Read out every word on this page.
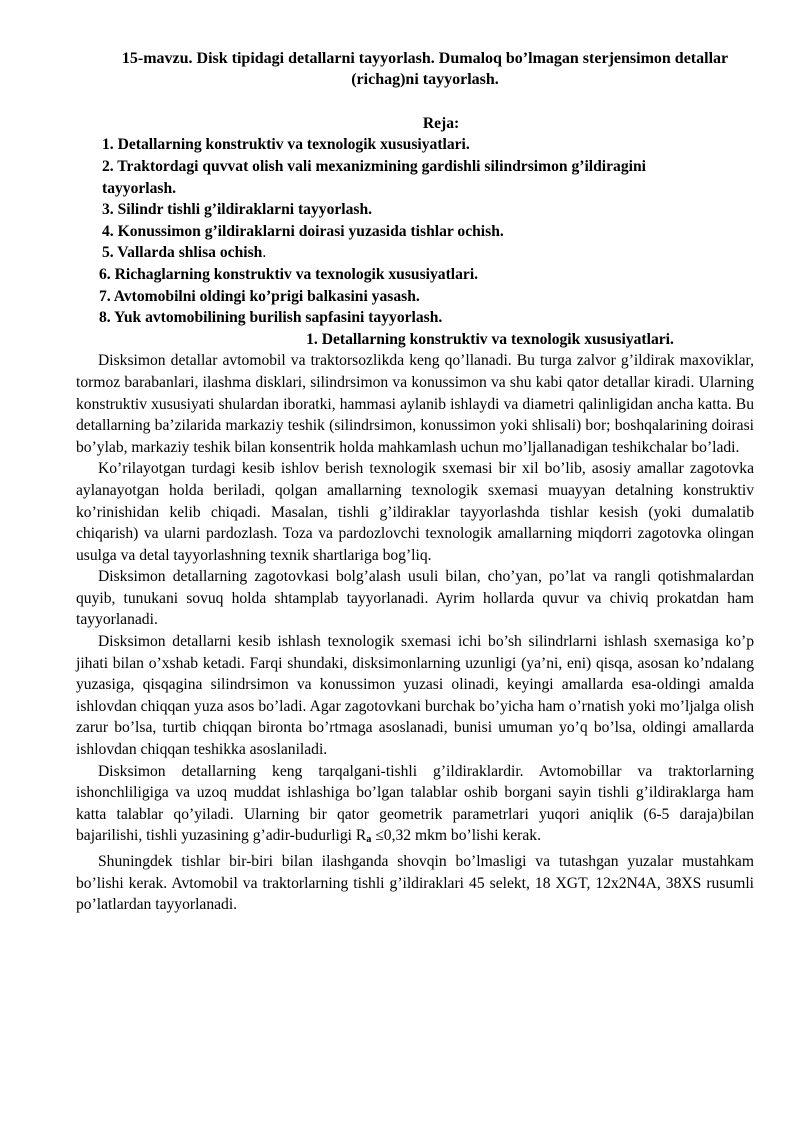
15-mavzu. Disk tipidagi detallarni tayyorlash. Dumaloq bo’lmagan sterjensimon detallar (richag)ni tayyorlash.
Reja:
1. Detallarning konstruktiv va texnologik xususiyatlari.
2. Traktordagi quvvat olish vali mexanizmining gardishli silindrsimon g’ildiragini tayyorlash.
3. Silindr tishli g’ildiraklarni tayyorlash.
4. Konussimon g’ildiraklarni doirasi yuzasida tishlar ochish.
5. Vallarda shlisa ochish.
6. Richaglarning konstruktiv va texnologik xususiyatlari.
7. Avtomobilni oldingi ko’prigi balkasini yasash.
8. Yuk avtomobilining burilish sapfasini tayyorlash.
1. Detallarning konstruktiv va texnologik xususiyatlari.

Disksimon detallar avtomobil va traktorsozlikda keng qo’llanadi. Bu turga zalvor g’ildirak maxoviklar, tormoz barabanlari, ilashma disklari, silindrsimon va konussimon va shu kabi qator detallar kiradi. Ularning konstruktiv xususiyati shulardan iboratki, hammasi aylanib ishlaydi va diametri qalinligidan ancha katta. Bu detallarning ba’zilarida markaziy teshik (silindrsimon, konussimon yoki shlisali) bor; boshqalarining doirasi bo’ylab, markaziy teshik bilan konsentrik holda mahkamlash uchun mo’ljallanadigan teshikchalar bo’ladi.

Ko’rilayotgan turdagi kesib ishlov berish texnologik sxemasi bir xil bo’lib, asosiy amallar zagotovka aylanayotgan holda beriladi, qolgan amallarning texnologik sxemasi muayyan detalning konstruktiv ko’rinishidan kelib chiqadi. Masalan, tishli g’ildiraklar tayyorlashda tishlar kesish (yoki dumalatib chiqarish) va ularni pardozlash. Toza va pardozlovchi texnologik amallarning miqdorri zagotovka olingan usulga va detal tayyorlashning texnik shartlariga bog’liq.

Disksimon detallarning zagotovkasi bolg’alash usuli bilan, cho’yan, po’lat va rangli qotishmalardan quyib, tunukani sovuq holda shtamplab tayyorlanadi. Ayrim hollarda quvur va chiviq prokatdan ham tayyorlanadi.

Disksimon detallarni kesib ishlash texnologik sxemasi ichi bo’sh silindrlarni ishlash sxemasiga ko’p jihati bilan o’xshab ketadi. Farqi shundaki, disksimonlarning uzunligi (ya’ni, eni) qisqa, asosan ko’ndalang yuzasiga, qisqagina silindrsimon va konussimon yuzasi olinadi, keyingi amallarda esa-oldingi amalda ishlovdan chiqqan yuza asos bo’ladi. Agar zagotovkani burchak bo’yicha ham o’rnatish yoki mo’ljalga olish zarur bo’lsa, turtib chiqqan bironta bo’rtmaga asoslanadi, bunisi umuman yo’q bo’lsa, oldingi amallarda ishlovdan chiqqan teshikka asoslaniladi.

Disksimon detallarning keng tarqalgani-tishli g’ildiraklardir. Avtomobillar va traktorlarning ishonchliligiga va uzoq muddat ishlashiga bo’lgan talablar oshib borgani sayin tishli g’ildiraklarga ham katta talablar qo’yiladi. Ularning bir qator geometrik parametrlari yuqori aniqlik (6-5 daraja)bilan bajarilishi, tishli yuzasining g’adir-budurligi $R_a \le 0,32$ mkm bo’lishi kerak.

Shuningdek tishlar bir-biri bilan ilashganda shovqin bo’lmasligi va tutashgan yuzalar mustahkam bo’lishi kerak. Avtomobil va traktorlarning tishli g’ildiraklari 45 selekt, 18 XGT, 12x2N4A, 38XS rusumli po’latlardan tayyorlanadi.
